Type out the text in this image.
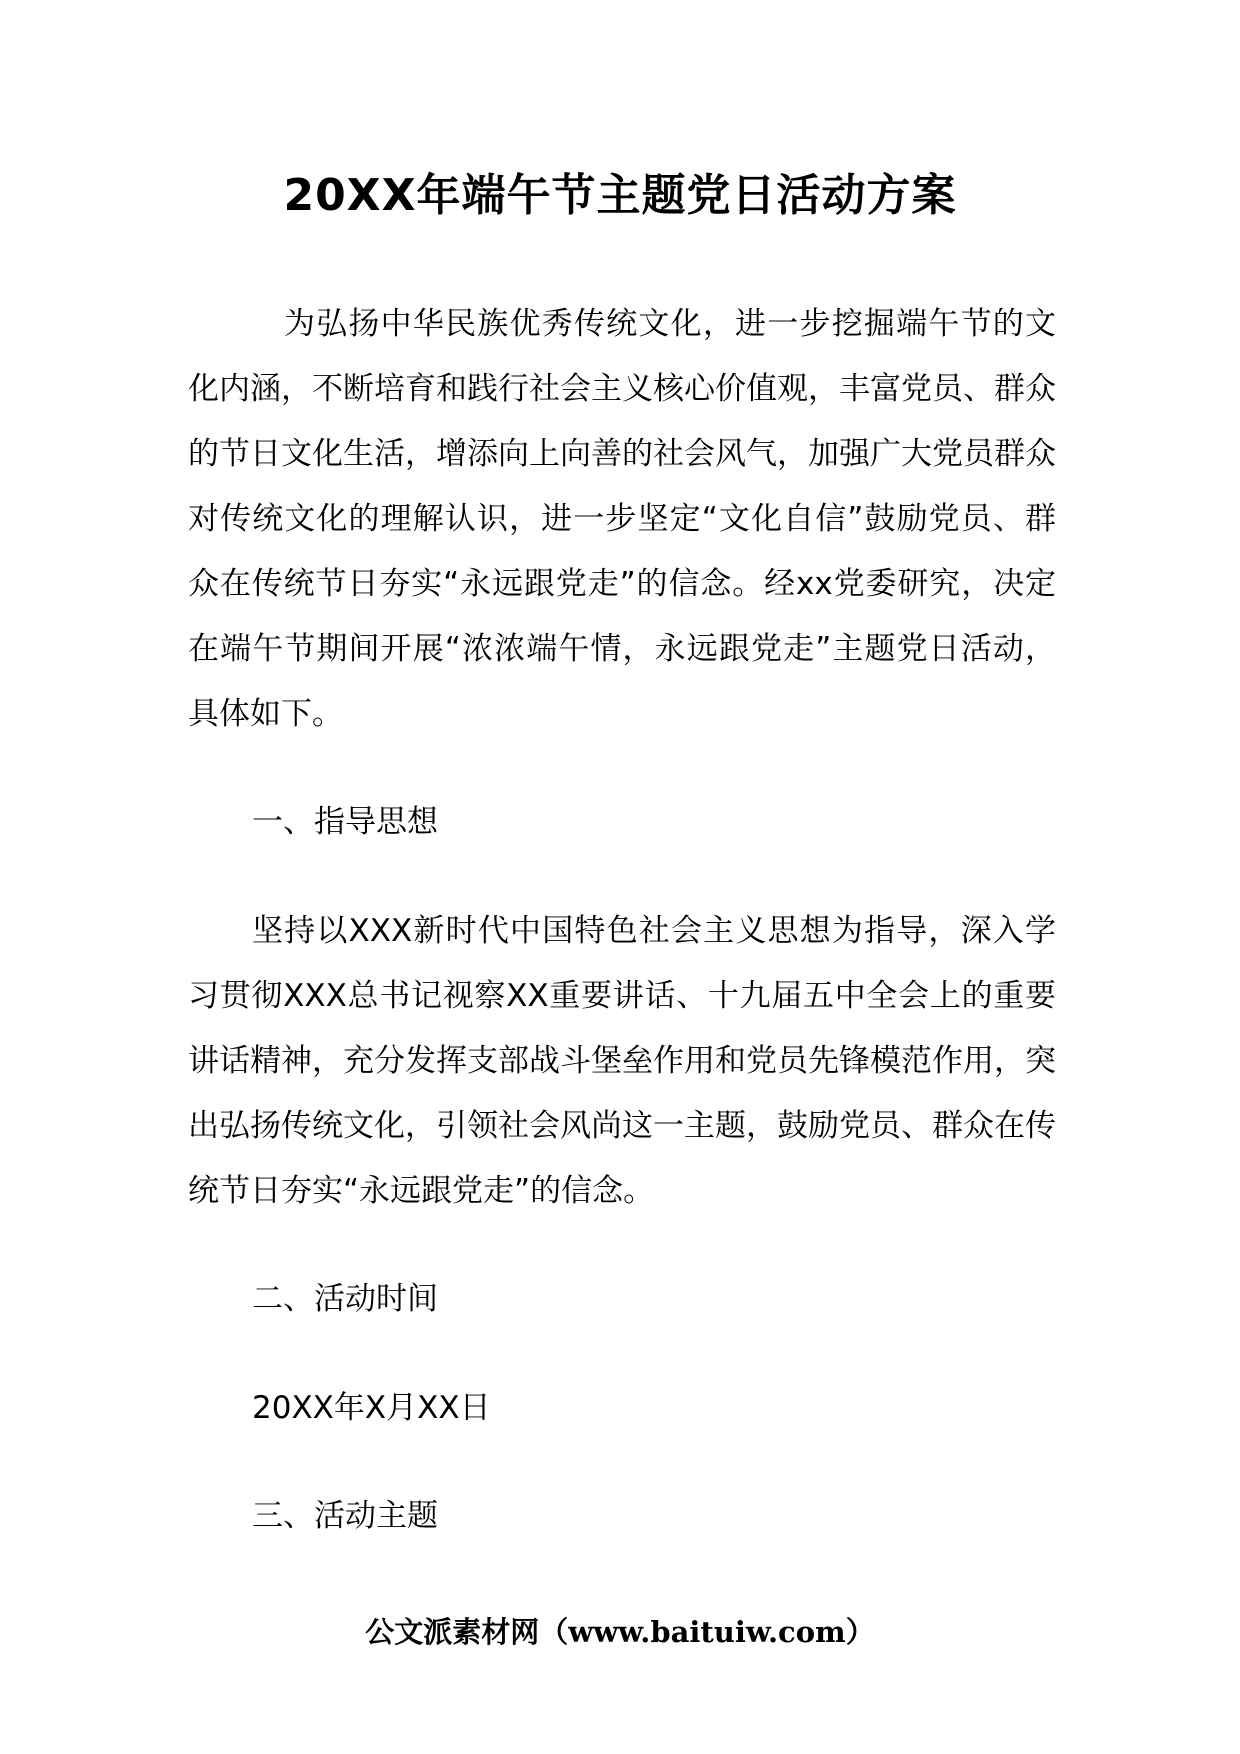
20XX年端午节主题党日活动方案

为弘扬中华民族优秀传统文化，进一步挖掘端午节的文化内涵，不断培育和践行社会主义核心价值观，丰富党员、群众的节日文化生活，增添向上向善的社会风气，加强广大党员群众对传统文化的理解认识，进一步坚定“文化自信”鼓励党员、群众在传统节日夯实“永远跟党走”的信念。经xx党委研究，决定在端午节期间开展“浓浓端午情，永远跟党走”主题党日活动，具体如下。

一、指导思想

坚持以XXX新时代中国特色社会主义思想为指导，深入学习贯彻XXX总书记视察XX重要讲话、十九届五中全会上的重要讲话精神，充分发挥支部战斗堡垒作用和党员先锋模范作用，突出弘扬传统文化，引领社会风尚这一主题，鼓励党员、群众在传统节日夯实“永远跟党走”的信念。

二、活动时间

20XX年X月XX日

三、活动主题

公文派素材网（www.baituiw.com）
